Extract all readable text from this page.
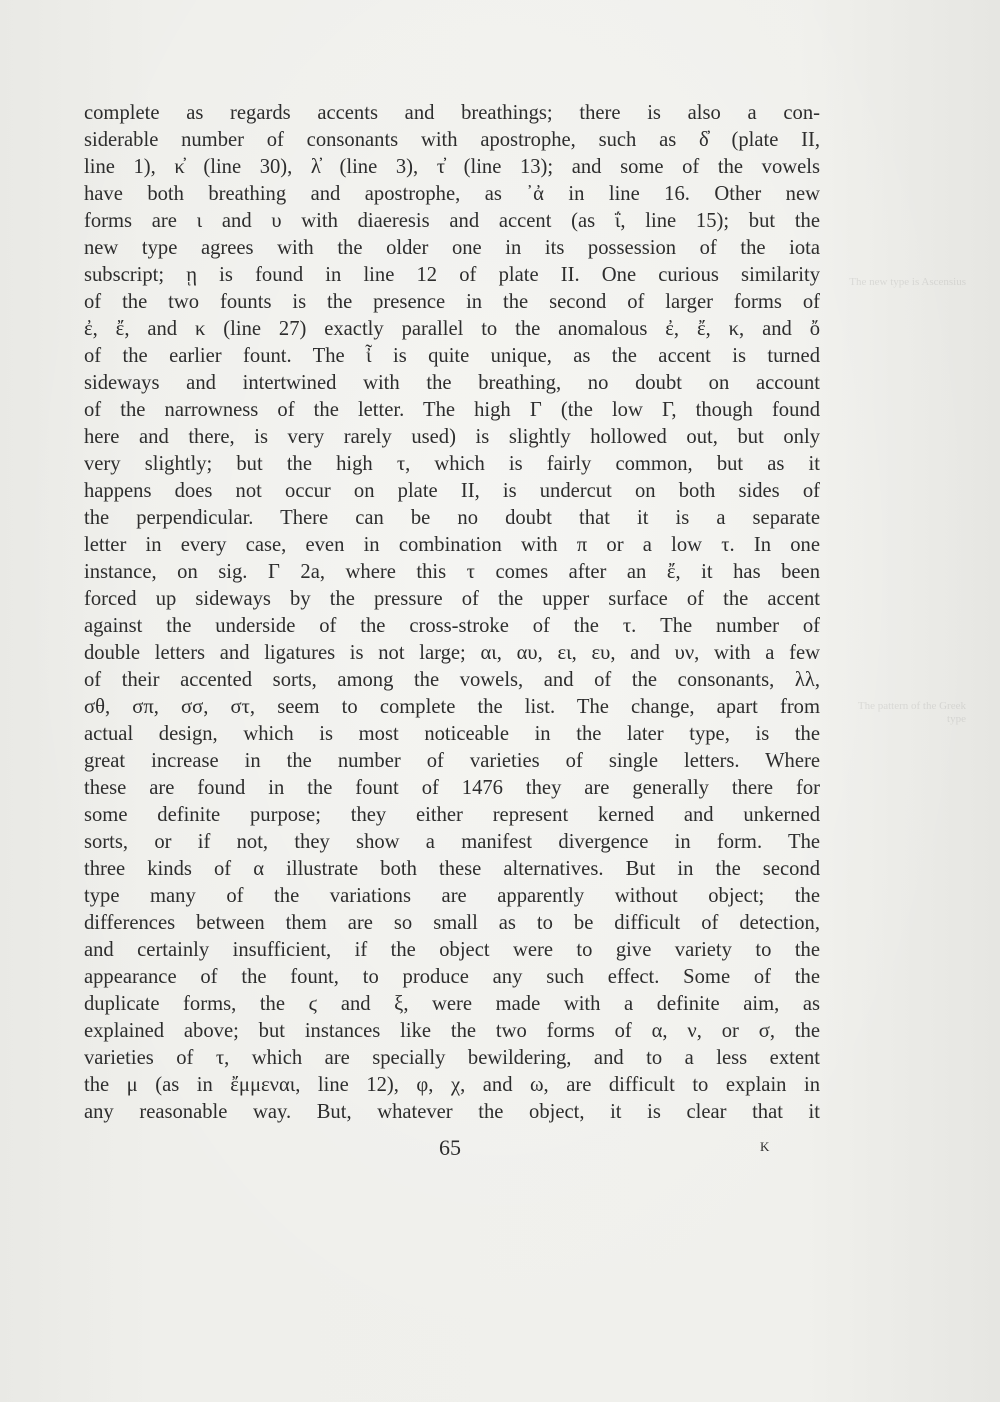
The new type is Ascensius
The pattern of the Greek type
complete as regards accents and breathings; there is also a con-
siderable number of consonants with apostrophe, such as δ̓ (plate II,
line 1), κ̓ (line 30), λ̓ (line 3), τ̓ (line 13); and some of the vowels
have both breathing and apostrophe, as ᾽ἀ in line 16. Other new
forms are ι and υ with diaeresis and accent (as ΐ, line 15); but the
new type agrees with the older one in its possession of the iota
subscript; ῃ is found in line 12 of plate II. One curious similarity
of the two founts is the presence in the second of larger forms of
ἐ, ἔ, and κ (line 27) exactly parallel to the anomalous ἐ, ἔ, κ, and ὄ
of the earlier fount. The ἶ is quite unique, as the accent is turned
sideways and intertwined with the breathing, no doubt on account
of the narrowness of the letter. The high Γ (the low Γ, though found
here and there, is very rarely used) is slightly hollowed out, but only
very slightly; but the high τ, which is fairly common, but as it
happens does not occur on plate II, is undercut on both sides of
the perpendicular. There can be no doubt that it is a separate
letter in every case, even in combination with π or a low τ. In one
instance, on sig. Γ 2a, where this τ comes after an ἔ, it has been
forced up sideways by the pressure of the upper surface of the accent
against the underside of the cross-stroke of the τ. The number of
double letters and ligatures is not large; αι, αυ, ει, ευ, and υν, with a few
of their accented sorts, among the vowels, and of the consonants, λλ,
σθ, σπ, σσ, στ, seem to complete the list. The change, apart from
actual design, which is most noticeable in the later type, is the
great increase in the number of varieties of single letters. Where
these are found in the fount of 1476 they are generally there for
some definite purpose; they either represent kerned and unkerned
sorts, or if not, they show a manifest divergence in form. The
three kinds of α illustrate both these alternatives. But in the second
type many of the variations are apparently without object; the
differences between them are so small as to be difficult of detection,
and certainly insufficient, if the object were to give variety to the
appearance of the fount, to produce any such effect. Some of the
duplicate forms, the ϛ and ξ, were made with a definite aim, as
explained above; but instances like the two forms of α, ν, or σ, the
varieties of τ, which are specially bewildering, and to a less extent
the μ (as in ἔμμεναι, line 12), φ, χ, and ω, are difficult to explain in
any reasonable way. But, whatever the object, it is clear that it
65	K
